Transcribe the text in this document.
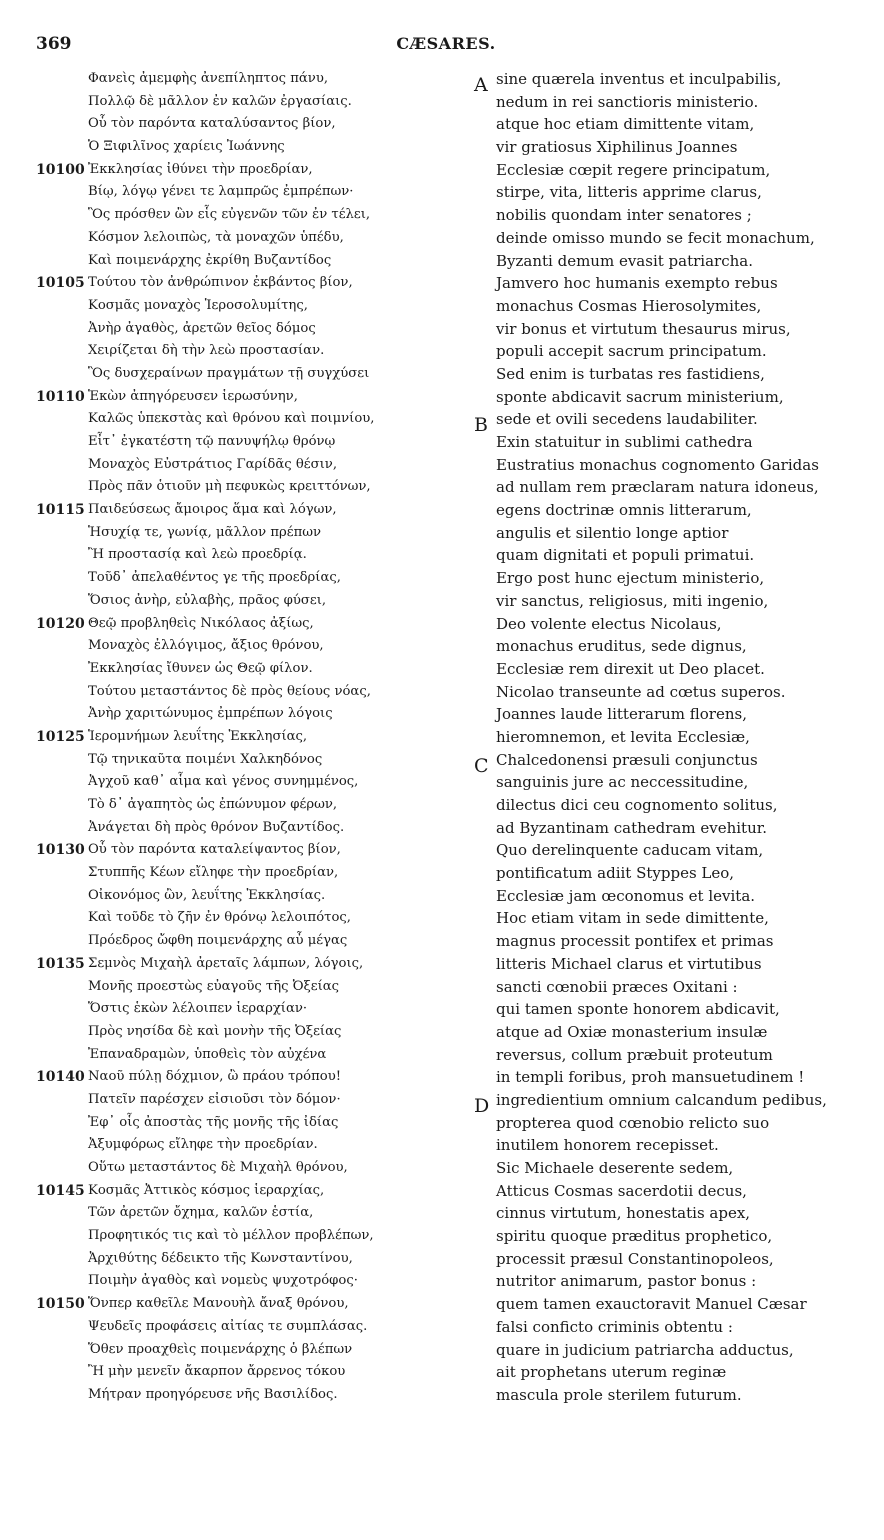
369	CÆSARES.
Φανεὶς ἀμεμφὴς ἀνεπίληπτος πάνυ,
Πολλῷ δὲ μᾶλλον ἐν καλῶν ἐργασίαις.
Οὗ τὸν παρόντα καταλύσαντος βίον,
Ὁ Ξιφιλῖνος χαρίεις Ἰωάννης
10100 Ἐκκλησίας ἰθύνει τὴν προεδρίαν,
Βίῳ, λόγῳ γένει τε λαμπρῶς ἐμπρέπων·
Ὃς πρόσθεν ὢν εἷς εὐγενῶν τῶν ἐν τέλει,
Κόσμον λελοιπὼς, τὰ μοναχῶν ὑπέδυ,
Καὶ ποιμενάρχης ἐκρίθη Βυζαντίδος
10105 Τούτου τὸν ἀνθρώπινον ἐκβάντος βίον,
Κοσμᾶς μοναχὸς Ἱεροσολυμίτης,
Ἀνὴρ ἀγαθὸς, ἀρετῶν θεῖος δόμος
Χειρίζεται δὴ τὴν λεὼ προστασίαν.
Ὃς δυσχεραίνων πραγμάτων τῇ συγχύσει
10110 Ἑκὼν ἀπηγόρευσεν ἱερωσύνην,
Καλῶς ὑπεκστὰς καὶ θρόνου καὶ ποιμνίου,
Εἶτ᾽ ἐγκατέστη τῷ πανυψήλῳ θρόνῳ
Μοναχὸς Εὐστράτιος Γαρίδᾶς θέσιν,
Πρὸς πᾶν ὁτιοῦν μὴ πεφυκὼς κρειττόνων,
10115 Παιδεύσεως ἄμοιρος ἅμα καὶ λόγων,
Ἡσυχίᾳ τε, γωνίᾳ, μᾶλλον πρέπων
Ἢ προστασίᾳ καὶ λεὼ προεδρίᾳ.
Τοῦδ᾽ ἀπελαθέντος γε τῆς προεδρίας,
Ὅσιος ἀνὴρ, εὐλαβὴς, πρᾶος φύσει,
10120 Θεῷ προβληθεὶς Νικόλαος ἀξίως,
Μοναχὸς ἐλλόγιμος, ἄξιος θρόνου,
Ἐκκλησίας ἴθυνεν ὡς Θεῷ φίλον.
Τούτου μεταστάντος δὲ πρὸς θείους νόας,
Ἀνὴρ χαριτώνυμος ἐμπρέπων λόγοις
10125 Ἱερομνήμων λευΐτης Ἐκκλησίας,
Τῷ τηνικαῦτα ποιμένι Χαλκηδόνος
Ἀγχοῦ καθ᾽ αἷμα καὶ γένος συνημμένος,
Τὸ δ᾽ ἀγαπητὸς ὡς ἐπώνυμον φέρων,
Ἀνάγεται δὴ πρὸς θρόνον Βυζαντίδος.
10130 Οὗ τὸν παρόντα καταλείψαντος βίον,
Στυππῆς Κέων εἴληφε τὴν προεδρίαν,
Οἰκονόμος ὢν, λευΐτης Ἐκκλησίας.
Καὶ τοῦδε τὸ ζῆν ἐν θρόνῳ λελοιπότος,
Πρόεδρος ὤφθη ποιμενάρχης αὖ μέγας
10135 Σεμνὸς Μιχαὴλ ἀρεταῖς λάμπων, λόγοις,
Μονῆς προεστὼς εὐαγοῦς τῆς Ὀξείας
Ὅστις ἑκὼν λέλοιπεν ἱεραρχίαν·
Πρὸς νησίδα δὲ καὶ μονὴν τῆς Ὀξείας
Ἐπαναδραμὼν, ὑποθεὶς τὸν αὐχένα
10140 Ναοῦ πύλῃ δόχμιον, ὢ πράου τρόπου!
Πατεῖν παρέσχεν εἰσιοῦσι τὸν δόμον·
Ἐφ᾽ οἷς ἀποστὰς τῆς μονῆς τῆς ἰδίας
Ἀξυμφόρως εἴληφε τὴν προεδρίαν.
Οὕτω μεταστάντος δὲ Μιχαὴλ θρόνου,
10145 Κοσμᾶς Ἀττικὸς κόσμος ἱεραρχίας,
Τῶν ἀρετῶν ὄχημα, καλῶν ἑστία,
Προφητικός τις καὶ τὸ μέλλον προβλέπων,
Ἀρχιθύτης δέδεικτο τῆς Κωνσταντίνου,
Ποιμὴν ἀγαθὸς καὶ νομεὺς ψυχοτρόφος·
10150 Ὅνπερ καθεῖλε Μανουὴλ ἄναξ θρόνου,
Ψευδεῖς προφάσεις αἰτίας τε συμπλάσας.
Ὅθεν προαχθεὶς ποιμενάρχης ὁ βλέπων
Ἢ μὴν μενεῖν ἄκαρπον ἄρρενος τόκου
Μήτραν προηγόρευσε νῆς Βασιλίδος.
A sine quærela inventus et inculpabilis,
nedum in rei sanctioris ministerio.
atque hoc etiam dimittente vitam,
vir gratiosus Xiphilinus Joannes
Ecclesiæ cœpit regere principatum,
stirpe, vita, litteris apprime clarus,
nobilis quondam inter senatores ;
deinde omisso mundo se fecit monachum,
Byzanti demum evasit patriarcha.
Jamvero hoc humanis exempto rebus
monachus Cosmas Hierosolymites,
vir bonus et virtutum thesaurus mirus,
populi accepit sacrum principatum.
Sed enim is turbatas res fastidiens,
sponte abdicavit sacrum ministerium,
B sede et ovili secedens laudabiliter.
Exin statuitur in sublimi cathedra
Eustratius monachus cognomento Garidas
ad nullam rem præclaram natura idoneus,
egens doctrinæ omnis litterarum,
angulis et silentio longe aptior
quam dignitati et populi primatui.
Ergo post hunc ejectum ministerio,
vir sanctus, religiosus, miti ingenio,
Deo volente electus Nicolaus,
monachus eruditus, sede dignus,
Ecclesiæ rem direxit ut Deo placet.
Nicolao transeunte ad cœtus superos.
Joannes laude litterarum florens,
hieromnemon, et levita Ecclesiæ,
C Chalcedonensi præsuli conjunctus
sanguinis jure ac neccessitudine,
dilectus dici ceu cognomento solitus,
ad Byzantinam cathedram evehitur.
Quo derelinquente caducam vitam,
pontificatum adiit Styppes Leo,
Ecclesiæ jam œconomus et levita.
Hoc etiam vitam in sede dimittente,
magnus processit pontifex et primas
litteris Michael clarus et virtutibus
sancti cœnobii præces Oxitani :
qui tamen sponte honorem abdicavit,
atque ad Oxiæ monasterium insulæ
reversus, collum præbuit proteutum
in templi foribus, proh mansuetudinem !
D ingredientium omnium calcandum pedibus,
propterea quod cœnobio relicto suo
inutilem honorem recepisset.
Sic Michaele deserente sedem,
Atticus Cosmas sacerdotii decus,
cinnus virtutum, honestatis apex,
spiritu quoque præditus prophetico,
processit præsul Constantinopoleos,
nutritor animarum, pastor bonus :
quem tamen exauctoravit Manuel Cæsar
falsi conficto criminis obtentu :
quare in judicium patriarcha adductus,
ait prophetans uterum reginæ
mascula prole sterilem futurum.
